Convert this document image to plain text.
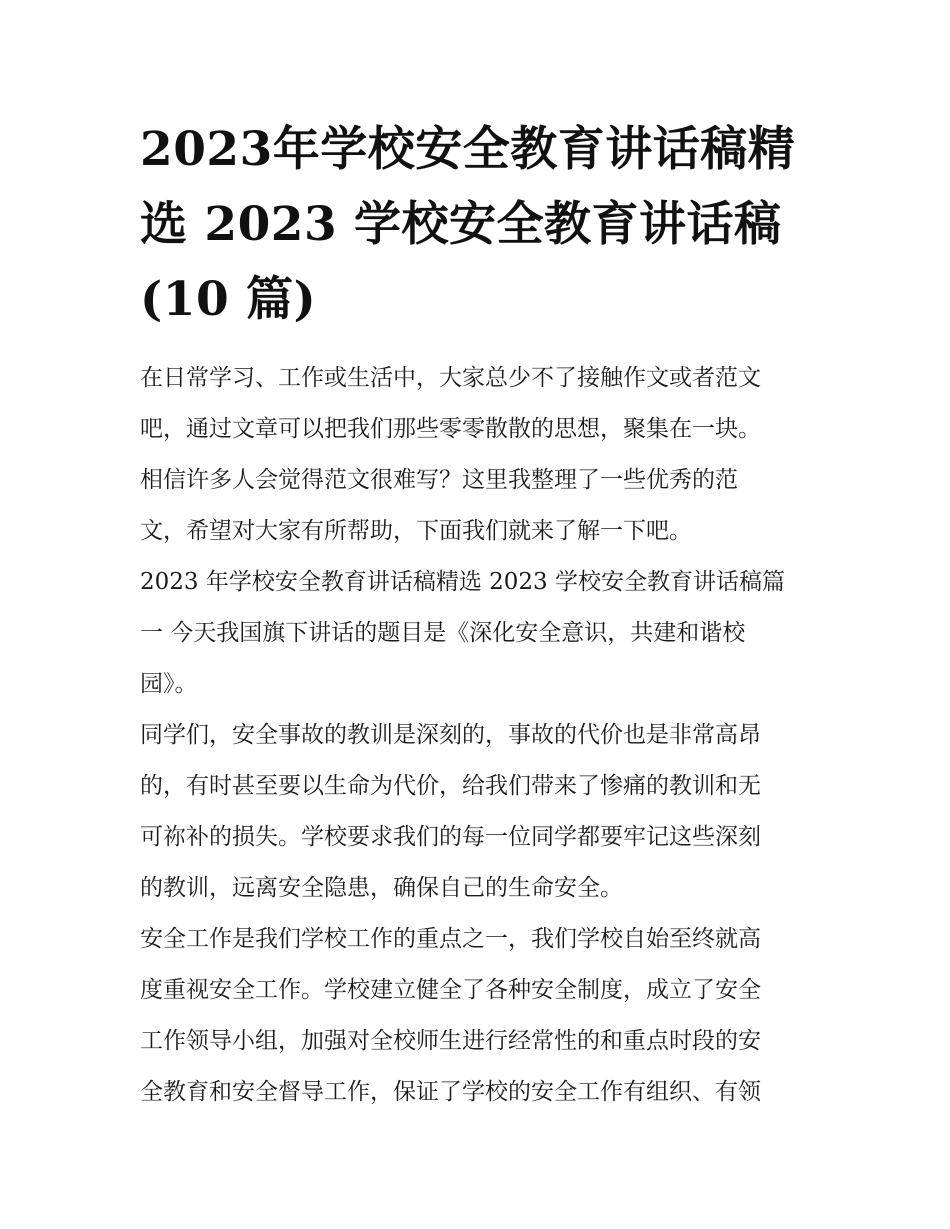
2023年学校安全教育讲话稿精
选 2023 学校安全教育讲话稿
(10 篇)

在日常学习、工作或生活中，大家总少不了接触作文或者范文
吧，通过文章可以把我们那些零零散散的思想，聚集在一块。
相信许多人会觉得范文很难写？这里我整理了一些优秀的范
文，希望对大家有所帮助，下面我们就来了解一下吧。

2023 年学校安全教育讲话稿精选 2023 学校安全教育讲话稿篇
一 今天我国旗下讲话的题目是《深化安全意识，共建和谐校
园》。

同学们，安全事故的教训是深刻的，事故的代价也是非常高昂
的，有时甚至要以生命为代价，给我们带来了惨痛的教训和无
可祢补的损失。学校要求我们的每一位同学都要牢记这些深刻
的教训，远离安全隐患，确保自己的生命安全。

安全工作是我们学校工作的重点之一，我们学校自始至终就高
度重视安全工作。学校建立健全了各种安全制度，成立了安全
工作领导小组，加强对全校师生进行经常性的和重点时段的安
全教育和安全督导工作，保证了学校的安全工作有组织、有领
